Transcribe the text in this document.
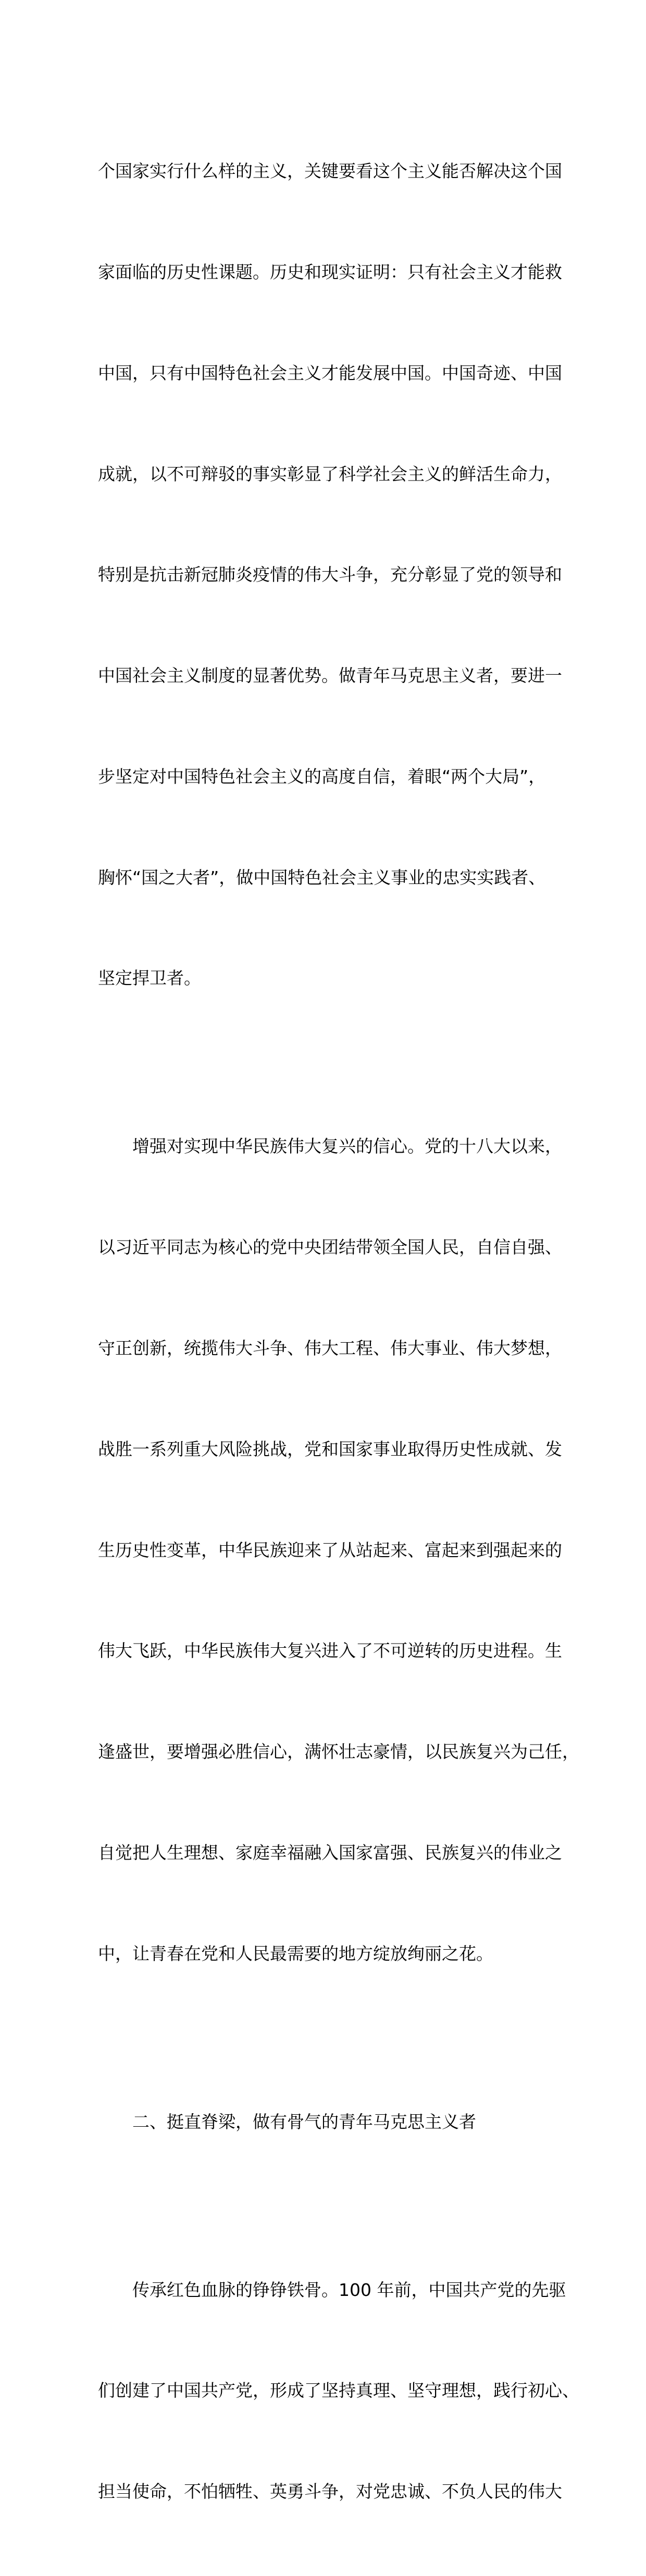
个国家实行什么样的主义，关键要看这个主义能否解决这个国

家面临的历史性课题。历史和现实证明：只有社会主义才能救

中国，只有中国特色社会主义才能发展中国。中国奇迹、中国

成就，以不可辩驳的事实彰显了科学社会主义的鲜活生命力，

特别是抗击新冠肺炎疫情的伟大斗争，充分彰显了党的领导和

中国社会主义制度的显著优势。做青年马克思主义者，要进一

步坚定对中国特色社会主义的高度自信，着眼“两个大局”，

胸怀“国之大者”，做中国特色社会主义事业的忠实实践者、

坚定捍卫者。

　　增强对实现中华民族伟大复兴的信心。党的十八大以来，

以习近平同志为核心的党中央团结带领全国人民，自信自强、

守正创新，统揽伟大斗争、伟大工程、伟大事业、伟大梦想，

战胜一系列重大风险挑战，党和国家事业取得历史性成就、发

生历史性变革，中华民族迎来了从站起来、富起来到强起来的

伟大飞跃，中华民族伟大复兴进入了不可逆转的历史进程。生

逢盛世，要增强必胜信心，满怀壮志豪情，以民族复兴为己任，

自觉把人生理想、家庭幸福融入国家富强、民族复兴的伟业之

中，让青春在党和人民最需要的地方绽放绚丽之花。

　　二、挺直脊梁，做有骨气的青年马克思主义者

　　传承红色血脉的铮铮铁骨。100 年前，中国共产党的先驱

们创建了中国共产党，形成了坚持真理、坚守理想，践行初心、

担当使命，不怕牺牲、英勇斗争，对党忠诚、不负人民的伟大
